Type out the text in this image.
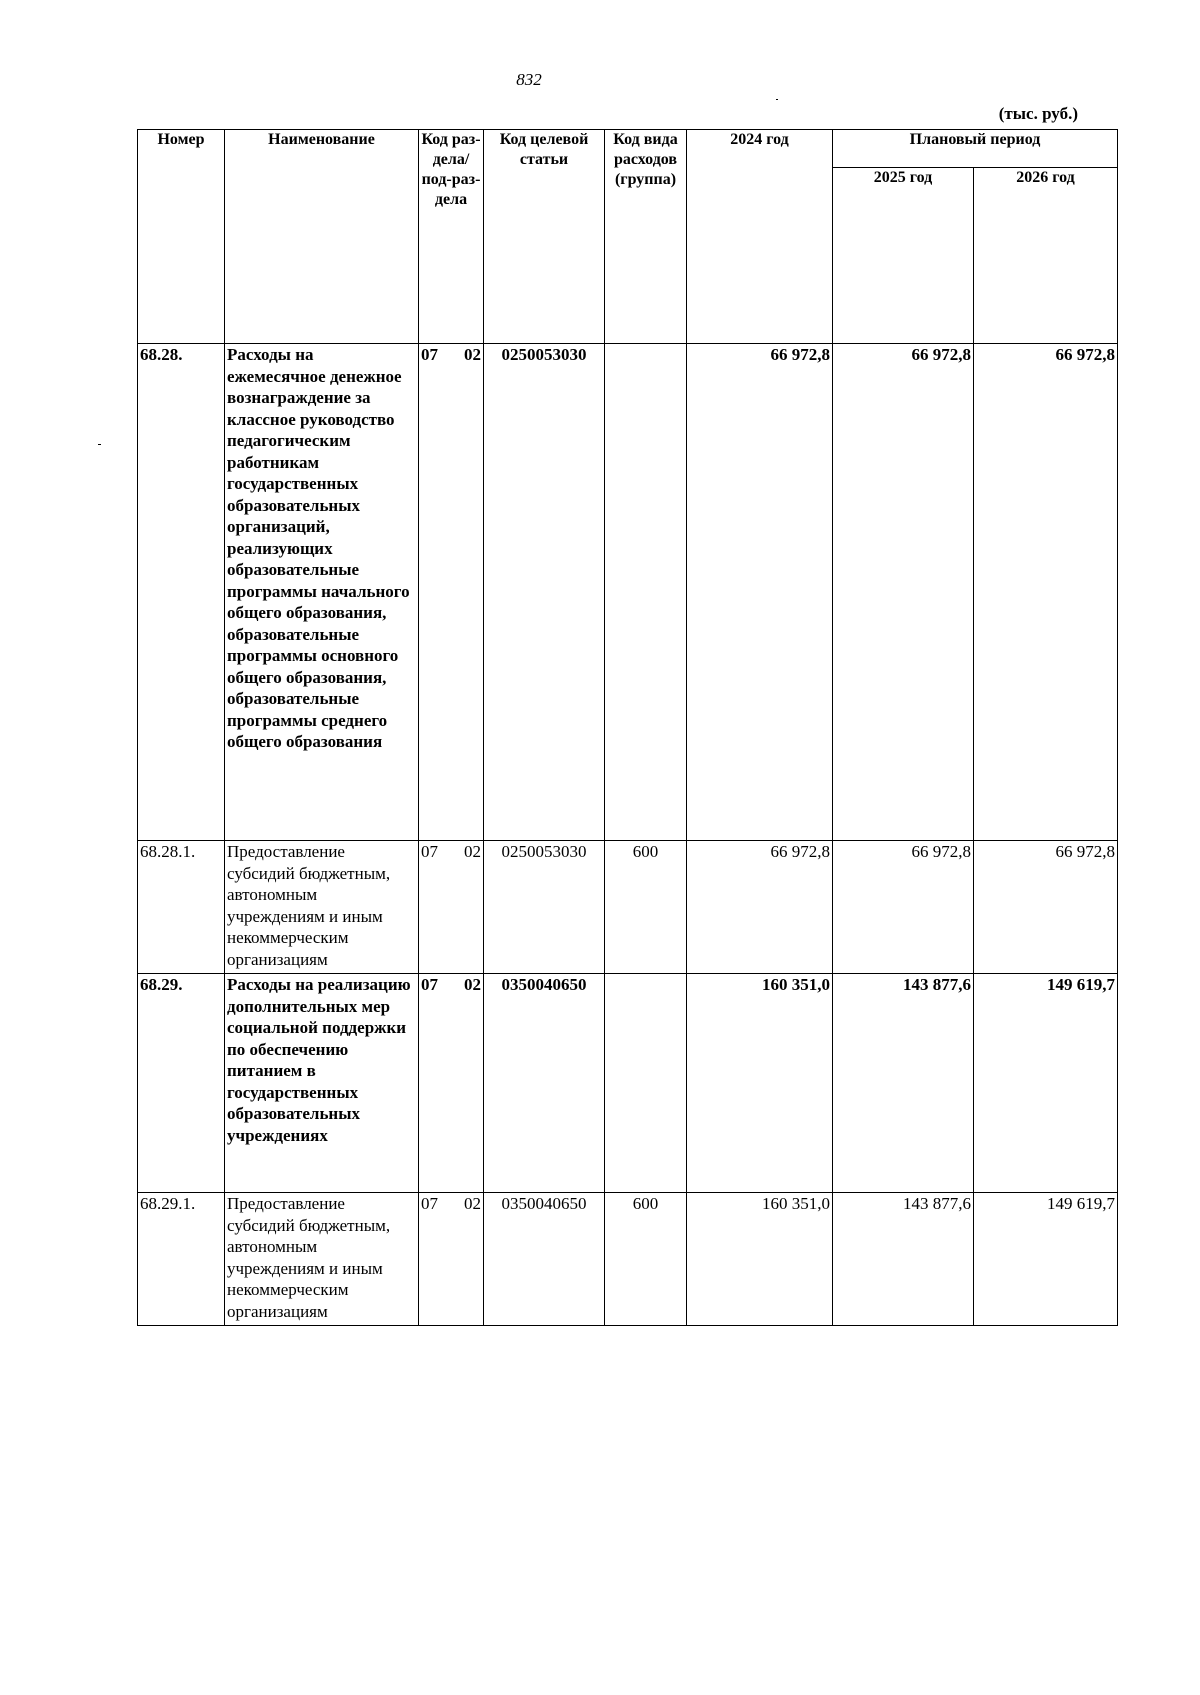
832
(тыс. руб.)
Номер	Наименование	Код раз-дела/ под-раз-дела	Код целевой статьи	Код вида расходов (группа)	2024 год	Плановый период	
						2025 год	2026 год
68.28.	Расходы на ежемесячное денежное вознаграждение за классное руководство педагогическим работникам государственных образовательных организаций, реализующих образовательные программы начального общего образования, образовательные программы основного общего образования, образовательные программы среднего общего образования	07 02	0250053030		66 972,8	66 972,8	66 972,8
68.28.1.	Предоставление субсидий бюджетным, автономным учреждениям и иным некоммерческим организациям	07 02	0250053030	600	66 972,8	66 972,8	66 972,8
68.29.	Расходы на реализацию дополнительных мер социальной поддержки по обеспечению питанием в государственных образовательных учреждениях	07 02	0350040650		160 351,0	143 877,6	149 619,7
68.29.1.	Предоставление субсидий бюджетным, автономным учреждениям и иным некоммерческим организациям	07 02	0350040650	600	160 351,0	143 877,6	149 619,7
